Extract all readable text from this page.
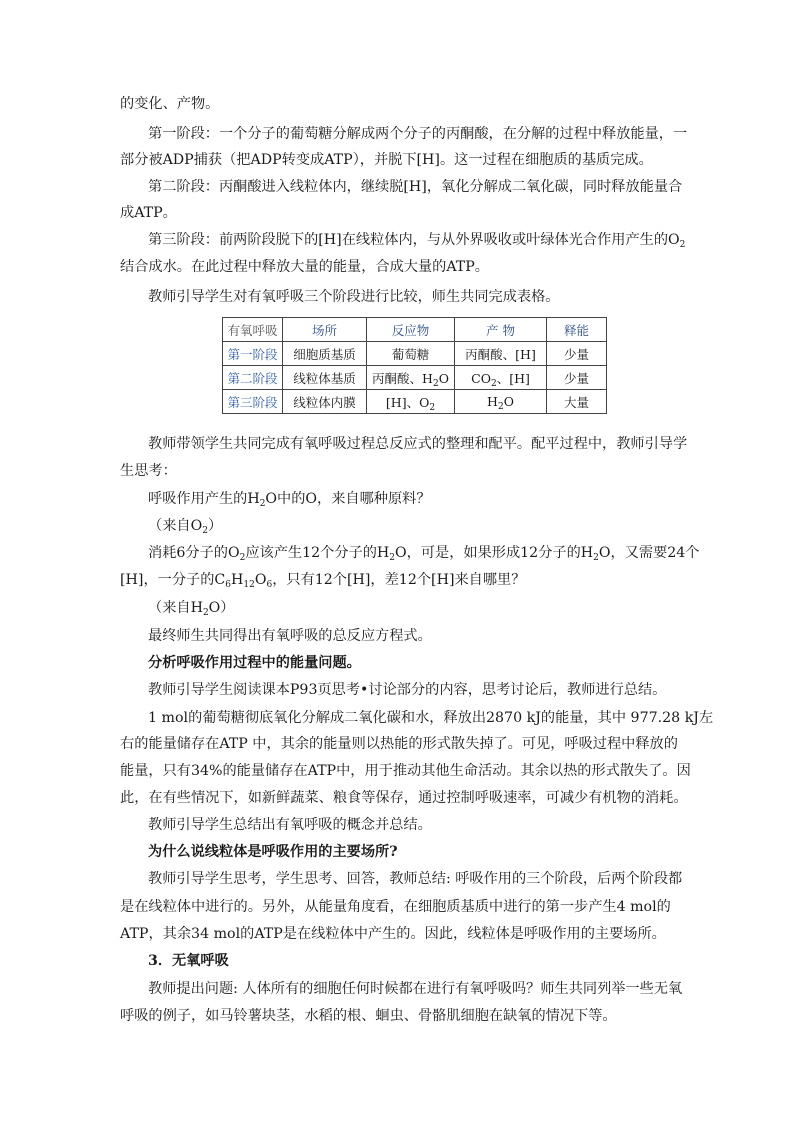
的变化、产物。
第一阶段：一个分子的葡萄糖分解成两个分子的丙酮酸，在分解的过程中释放能量，一
部分被ADP捕获（把ADP转变成ATP），并脱下[H]。这一过程在细胞质的基质完成。
第二阶段：丙酮酸进入线粒体内，继续脱[H]，氧化分解成二氧化碳，同时释放能量合
成ATP。
第三阶段：前两阶段脱下的[H]在线粒体内，与从外界吸收或叶绿体光合作用产生的$O_2$
结合成水。在此过程中释放大量的能量，合成大量的ATP。
教师引导学生对有氧呼吸三个阶段进行比较，师生共同完成表格。
有氧呼吸	场所	反应物	产 物	释能
第一阶段	细胞质基质	葡萄糖	丙酮酸、[H]	少量
第二阶段	线粒体基质	丙酮酸、$H_2O$	$CO_2$、[H]	少量
第三阶段	线粒体内膜	[H]、$O_2$	$H_2O$	大量
教师带领学生共同完成有氧呼吸过程总反应式的整理和配平。配平过程中，教师引导学
生思考：
呼吸作用产生的$H_2O$中的O，来自哪种原料？
（来自$O_2$）
消耗6分子的$O_2$应该产生12个分子的$H_2O$，可是，如果形成12分子的$H_2O$，又需要24个
[H]，一分子的$C_6H_{12}O_6$，只有12个[H]，差12个[H]来自哪里？
（来自$H_2O$）
最终师生共同得出有氧呼吸的总反应方程式。
分析呼吸作用过程中的能量问题。
教师引导学生阅读课本P93页思考•讨论部分的内容，思考讨论后，教师进行总结。
1 mol的葡萄糖彻底氧化分解成二氧化碳和水，释放出2870 kJ的能量，其中 977.28 kJ左
右的能量储存在ATP 中，其余的能量则以热能的形式散失掉了。可见，呼吸过程中释放的
能量，只有34%的能量储存在ATP中，用于推动其他生命活动。其余以热的形式散失了。因
此，在有些情况下，如新鲜蔬菜、粮食等保存，通过控制呼吸速率，可减少有机物的消耗。
教师引导学生总结出有氧呼吸的概念并总结。
为什么说线粒体是呼吸作用的主要场所?
教师引导学生思考，学生思考、回答，教师总结: 呼吸作用的三个阶段，后两个阶段都
是在线粒体中进行的。另外，从能量角度看，在细胞质基质中进行的第一步产生4 mol的
ATP，其余34 mol的ATP是在线粒体中产生的。因此，线粒体是呼吸作用的主要场所。
3．无氧呼吸
教师提出问题: 人体所有的细胞任何时候都在进行有氧呼吸吗？师生共同列举一些无氧
呼吸的例子，如马铃薯块茎，水稻的根、蛔虫、骨骼肌细胞在缺氧的情况下等。
